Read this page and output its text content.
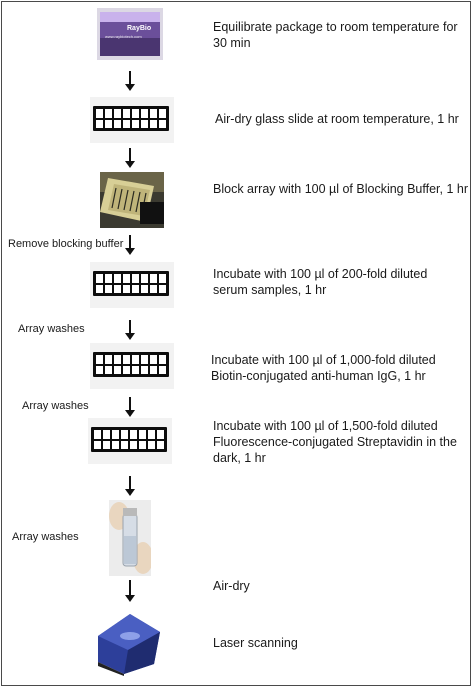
RayBio
www.raybiotech.com

Equilibrate package to room temperature for 30 min

Air-dry glass slide at room temperature, 1 hr

Block array with 100 µl of Blocking Buffer, 1 hr

Remove blocking buffer

Incubate with 100 µl of 200-fold diluted serum samples, 1 hr

Array washes

Incubate with 100 µl of 1,000-fold diluted Biotin-conjugated anti-human IgG, 1 hr

Array washes

Incubate with 100 µl of 1,500-fold diluted Fluorescence-conjugated Streptavidin in the dark, 1 hr

Array washes

Air-dry

Laser scanning
